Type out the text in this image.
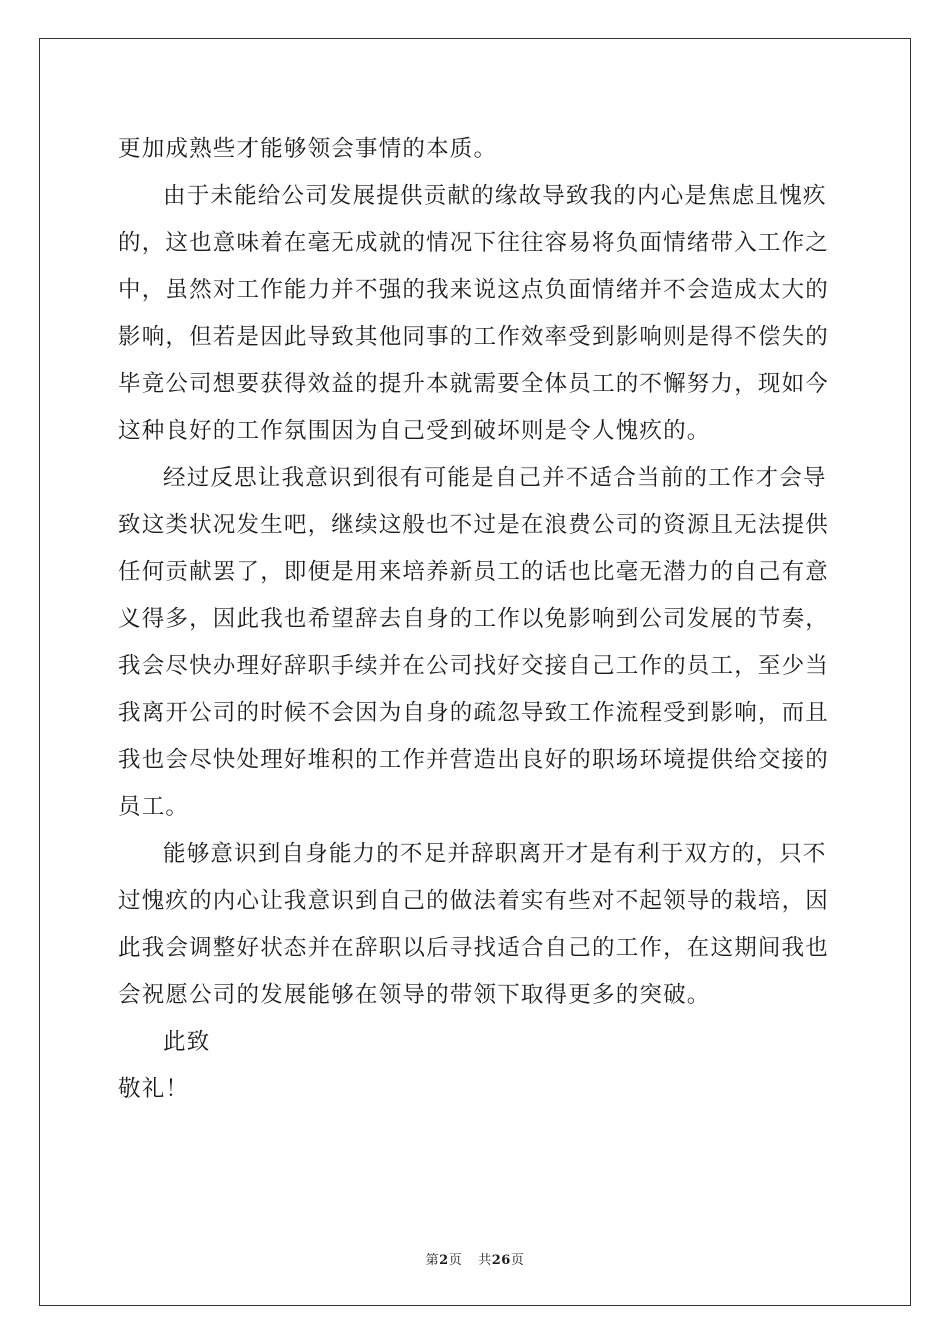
更加成熟些才能够领会事情的本质。

由于未能给公司发展提供贡献的缘故导致我的内心是焦虑且愧疚

的，这也意味着在毫无成就的情况下往往容易将负面情绪带入工作之

中，虽然对工作能力并不强的我来说这点负面情绪并不会造成太大的

影响，但若是因此导致其他同事的工作效率受到影响则是得不偿失的

毕竟公司想要获得效益的提升本就需要全体员工的不懈努力，现如今

这种良好的工作氛围因为自己受到破坏则是令人愧疚的。

经过反思让我意识到很有可能是自己并不适合当前的工作才会导

致这类状况发生吧，继续这般也不过是在浪费公司的资源且无法提供

任何贡献罢了，即便是用来培养新员工的话也比毫无潜力的自己有意

义得多，因此我也希望辞去自身的工作以免影响到公司发展的节奏，

我会尽快办理好辞职手续并在公司找好交接自己工作的员工，至少当

我离开公司的时候不会因为自身的疏忽导致工作流程受到影响，而且

我也会尽快处理好堆积的工作并营造出良好的职场环境提供给交接的

员工。

能够意识到自身能力的不足并辞职离开才是有利于双方的，只不

过愧疚的内心让我意识到自己的做法着实有些对不起领导的栽培，因

此我会调整好状态并在辞职以后寻找适合自己的工作，在这期间我也

会祝愿公司的发展能够在领导的带领下取得更多的突破。

此致

敬礼！

第2页 共26页
